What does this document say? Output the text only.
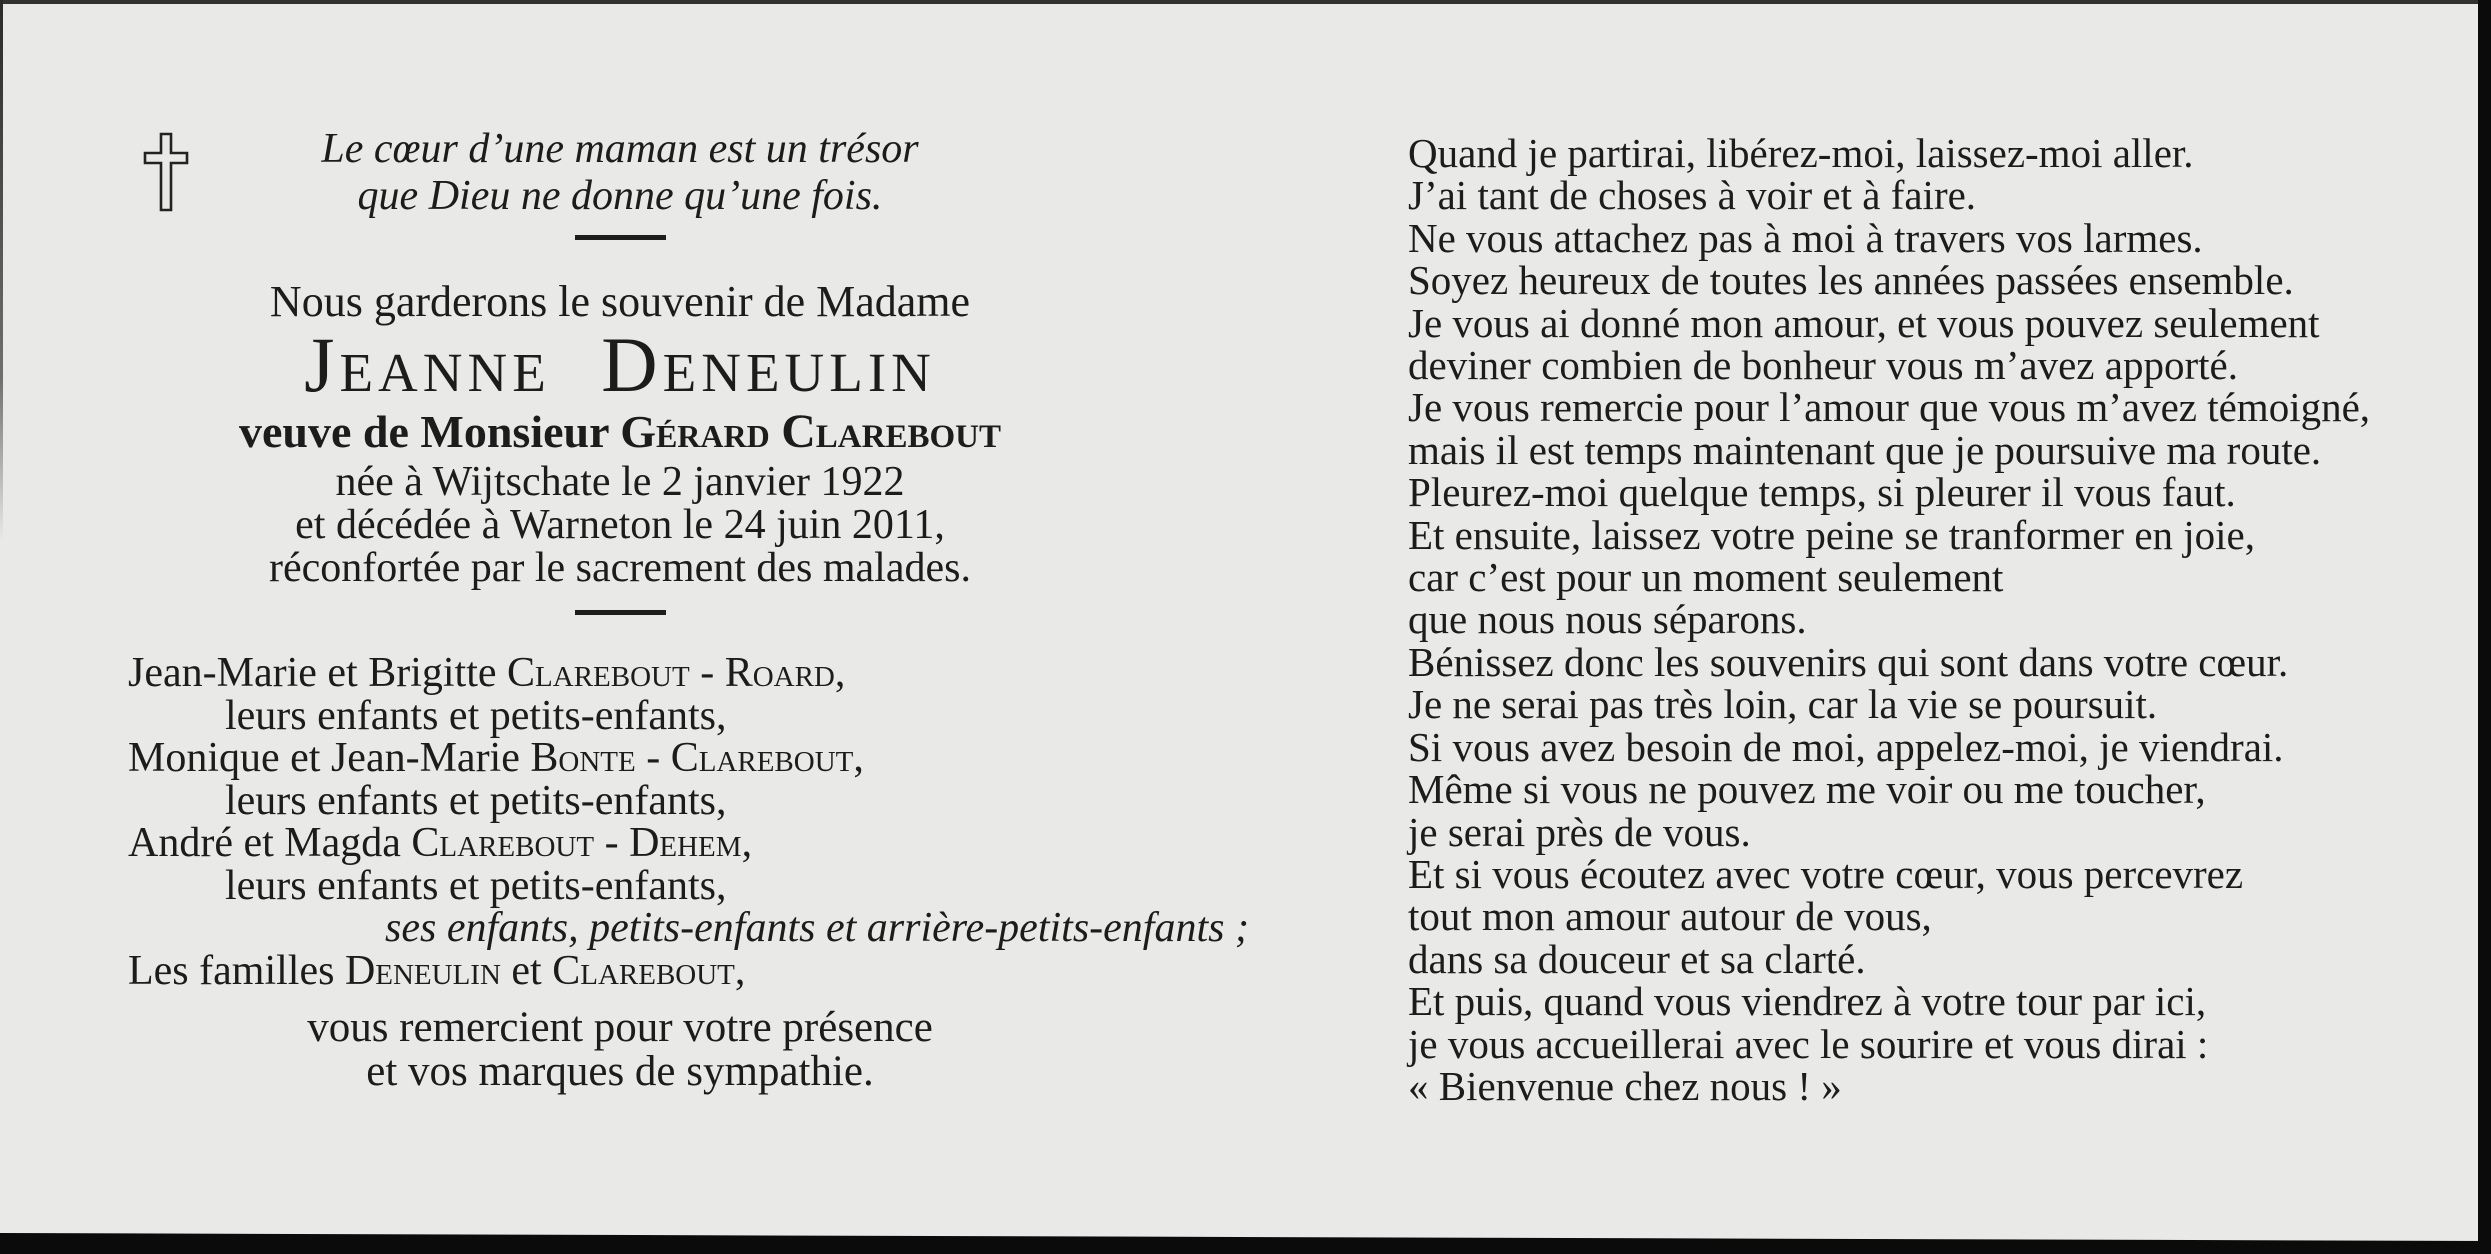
Le cœur d’une maman est un trésor
que Dieu ne donne qu’une fois.
Nous garderons le souvenir de Madame
Jeanne Deneulin
veuve de Monsieur Gérard Clarebout
née à Wijtschate le 2 janvier 1922
et décédée à Warneton le 24 juin 2011,
réconfortée par le sacrement des malades.
Jean-Marie et Brigitte Clarebout - Roard,
leurs enfants et petits-enfants,
Monique et Jean-Marie Bonte - Clarebout,
leurs enfants et petits-enfants,
André et Magda Clarebout - Dehem,
leurs enfants et petits-enfants,
ses enfants, petits-enfants et arrière-petits-enfants ;
Les familles Deneulin et Clarebout,
vous remercient pour votre présence
et vos marques de sympathie.
Quand je partirai, libérez-moi, laissez-moi aller.
J’ai tant de choses à voir et à faire.
Ne vous attachez pas à moi à travers vos larmes.
Soyez heureux de toutes les années passées ensemble.
Je vous ai donné mon amour, et vous pouvez seulement
deviner combien de bonheur vous m’avez apporté.
Je vous remercie pour l’amour que vous m’avez témoigné,
mais il est temps maintenant que je poursuive ma route.
Pleurez-moi quelque temps, si pleurer il vous faut.
Et ensuite, laissez votre peine se tranformer en joie,
car c’est pour un moment seulement
que nous nous séparons.
Bénissez donc les souvenirs qui sont dans votre cœur.
Je ne serai pas très loin, car la vie se poursuit.
Si vous avez besoin de moi, appelez-moi, je viendrai.
Même si vous ne pouvez me voir ou me toucher,
je serai près de vous.
Et si vous écoutez avec votre cœur, vous percevrez
tout mon amour autour de vous,
dans sa douceur et sa clarté.
Et puis, quand vous viendrez à votre tour par ici,
je vous accueillerai avec le sourire et vous dirai :
« Bienvenue chez nous ! »
